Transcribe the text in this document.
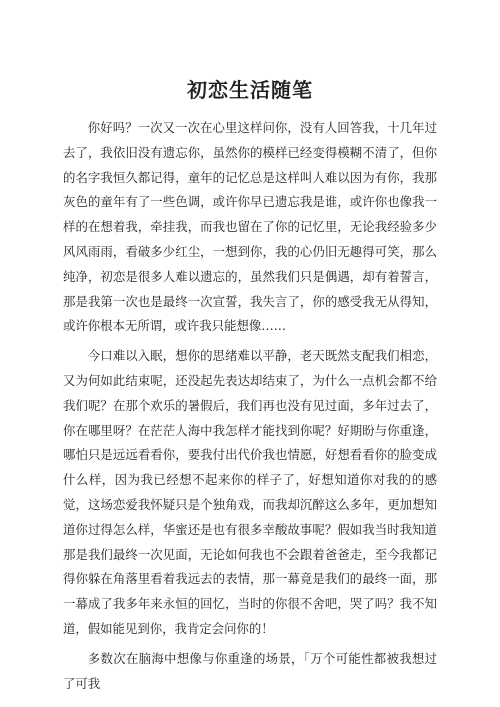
初恋生活随笔

你好吗？一次又一次在心里这样问你，没有人回答我，十几年过去了，我依旧没有遗忘你，虽然你的模样已经变得模糊不清了，但你的名字我恒久都记得，童年的记忆总是这样叫人难以因为有你，我那灰色的童年有了一些色调，或许你早已遗忘我是谁，或许你也像我一样的在想着我，牵挂我，而我也留在了你的记忆里，无论我经验多少风风雨雨，看破多少红尘，一想到你，我的心仍旧无趣得可笑，那么纯净，初恋是很多人难以遗忘的，虽然我们只是偶遇，却有着誓言，那是我第一次也是最终一次宣誓，我失言了，你的感受我无从得知，或许你根本无所谓，或许我只能想像……

今口难以入眠，想你的思绪难以平静，老天既然支配我们相恋，又为何如此结束呢，还没起先表达却结束了，为什么一点机会都不给我们呢？在那个欢乐的暑假后，我们再也没有见过面，多年过去了，你在哪里呀？在茫茫人海中我怎样才能找到你呢？好期盼与你重逢，哪怕只是远远看看你，要我付出代价我也情愿，好想看看你的脸变成什么样，因为我已经想不起来你的样子了，好想知道你对我的的感觉，这场恋爱我怀疑只是个独角戏，而我却沉醉这么多年，更加想知道你过得怎么样，华蜜还是也有很多幸酸故事呢？假如我当时我知道那是我们最终一次见面，无论如何我也不会跟着爸爸走，至今我都记得你躲在角落里看着我远去的表情，那一幕竟是我们的最终一面，那一幕成了我多年来永恒的回忆，当时的你很不舍吧，哭了吗？我不知道，假如能见到你，我肯定会问你的！

多数次在脑海中想像与你重逢的场景，「万个可能性都被我想过了可我
